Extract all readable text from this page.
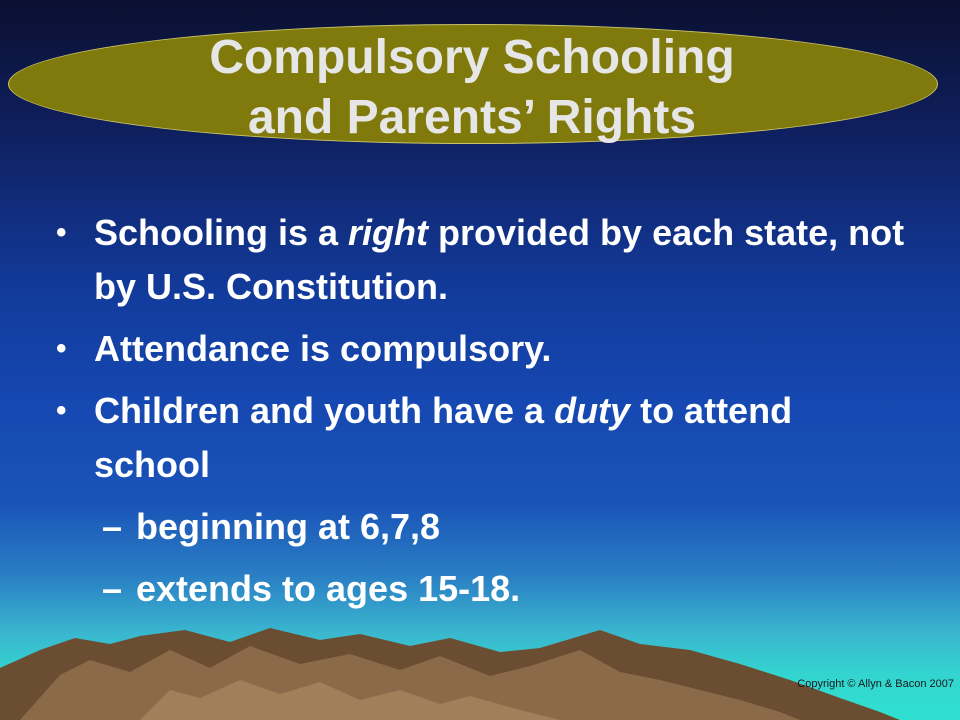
Compulsory Schooling
and Parents’ Rights
• Schooling is a right provided by each state, not by U.S. Constitution.
• Attendance is compulsory.
• Children and youth have a duty to attend school
– beginning at 6,7,8
– extends to ages 15-18.
Copyright © Allyn & Bacon 2007
